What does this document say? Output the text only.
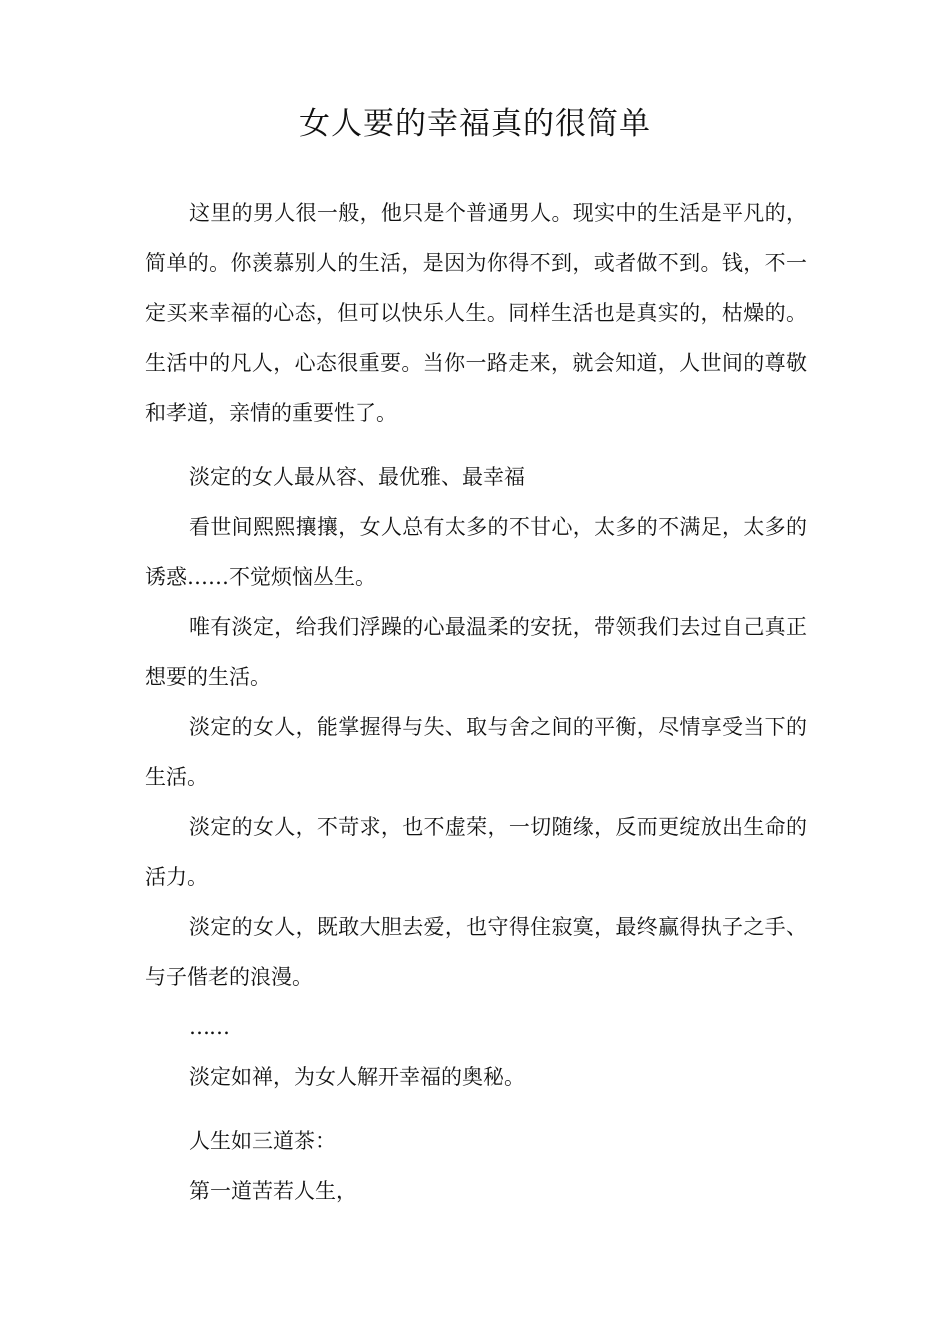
女人要的幸福真的很简单

这里的男人很一般，他只是个普通男人。现实中的生活是平凡的，简单的。你羡慕别人的生活，是因为你得不到，或者做不到。钱，不一定买来幸福的心态，但可以快乐人生。同样生活也是真实的，枯燥的。生活中的凡人，心态很重要。当你一路走来，就会知道，人世间的尊敬和孝道，亲情的重要性了。

淡定的女人最从容、最优雅、最幸福

看世间熙熙攘攘，女人总有太多的不甘心，太多的不满足，太多的诱惑……不觉烦恼丛生。

唯有淡定，给我们浮躁的心最温柔的安抚，带领我们去过自己真正想要的生活。

淡定的女人，能掌握得与失、取与舍之间的平衡，尽情享受当下的生活。

淡定的女人，不苛求，也不虚荣，一切随缘，反而更绽放出生命的活力。

淡定的女人，既敢大胆去爱，也守得住寂寞，最终赢得执子之手、与子偕老的浪漫。

……

淡定如禅，为女人解开幸福的奥秘。

人生如三道茶：

第一道苦若人生，
